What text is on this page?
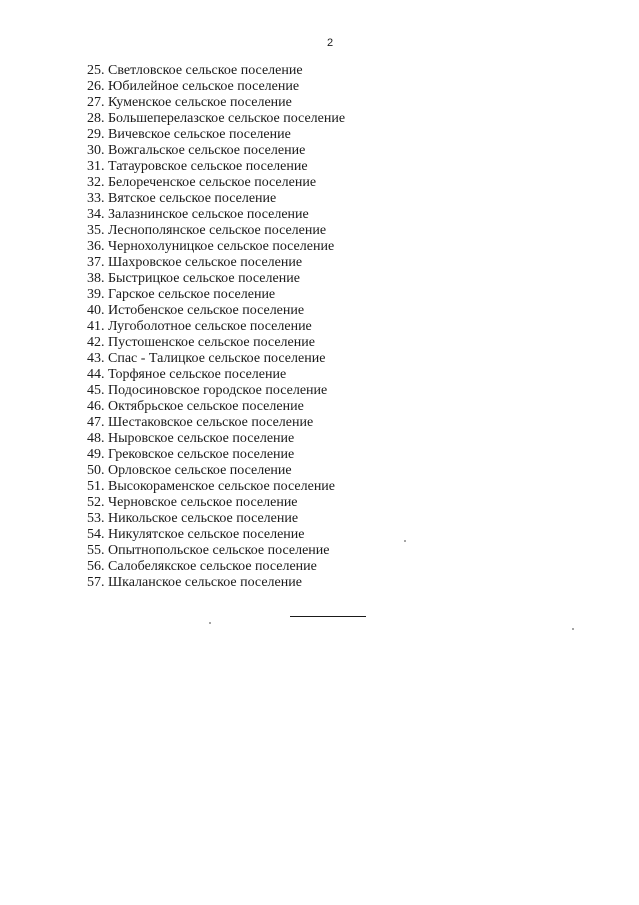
2
25 . Светловское сельское поселение
26 . Юбилейное сельское поселение
27 . Куменское сельское поселение
28 . Большеперелазское сельское поселение
29 . Вичевское сельское поселение
30 . Вожгальское сельское поселение
31 . Татауровское сельское поселение
32 . Белореченское сельское поселение
33 . Вятское сельское поселение
34 . Залазнинское сельское поселение
35 . Леснополянское сельское поселение
36 . Чернохолуницкое сельское поселение
37 . Шахровское сельское поселение
38 . Быстрицкое сельское поселение
39 . Гарское сельское поселение
40 . Истобенское сельское поселение
41 . Лугоболотное сельское поселение
42 . Пустошенское сельское поселение
43 . Спас - Талицкое сельское поселение
44 . Торфяное сельское поселение
45 . Подосиновское городское поселение
46 . Октябрьское сельское поселение
47 . Шестаковское сельское поселение
48 . Ныровское сельское поселение
49 . Грековское сельское поселение
50 . Орловское сельское поселение
51 . Высокораменское сельское поселение
52 . Черновское сельское поселение
53 . Никольское сельское поселение
54 . Никулятское сельское поселение
55 . Опытнопольское сельское поселение
56 . Салобелякское сельское поселение
57 . Шкаланское сельское поселение
